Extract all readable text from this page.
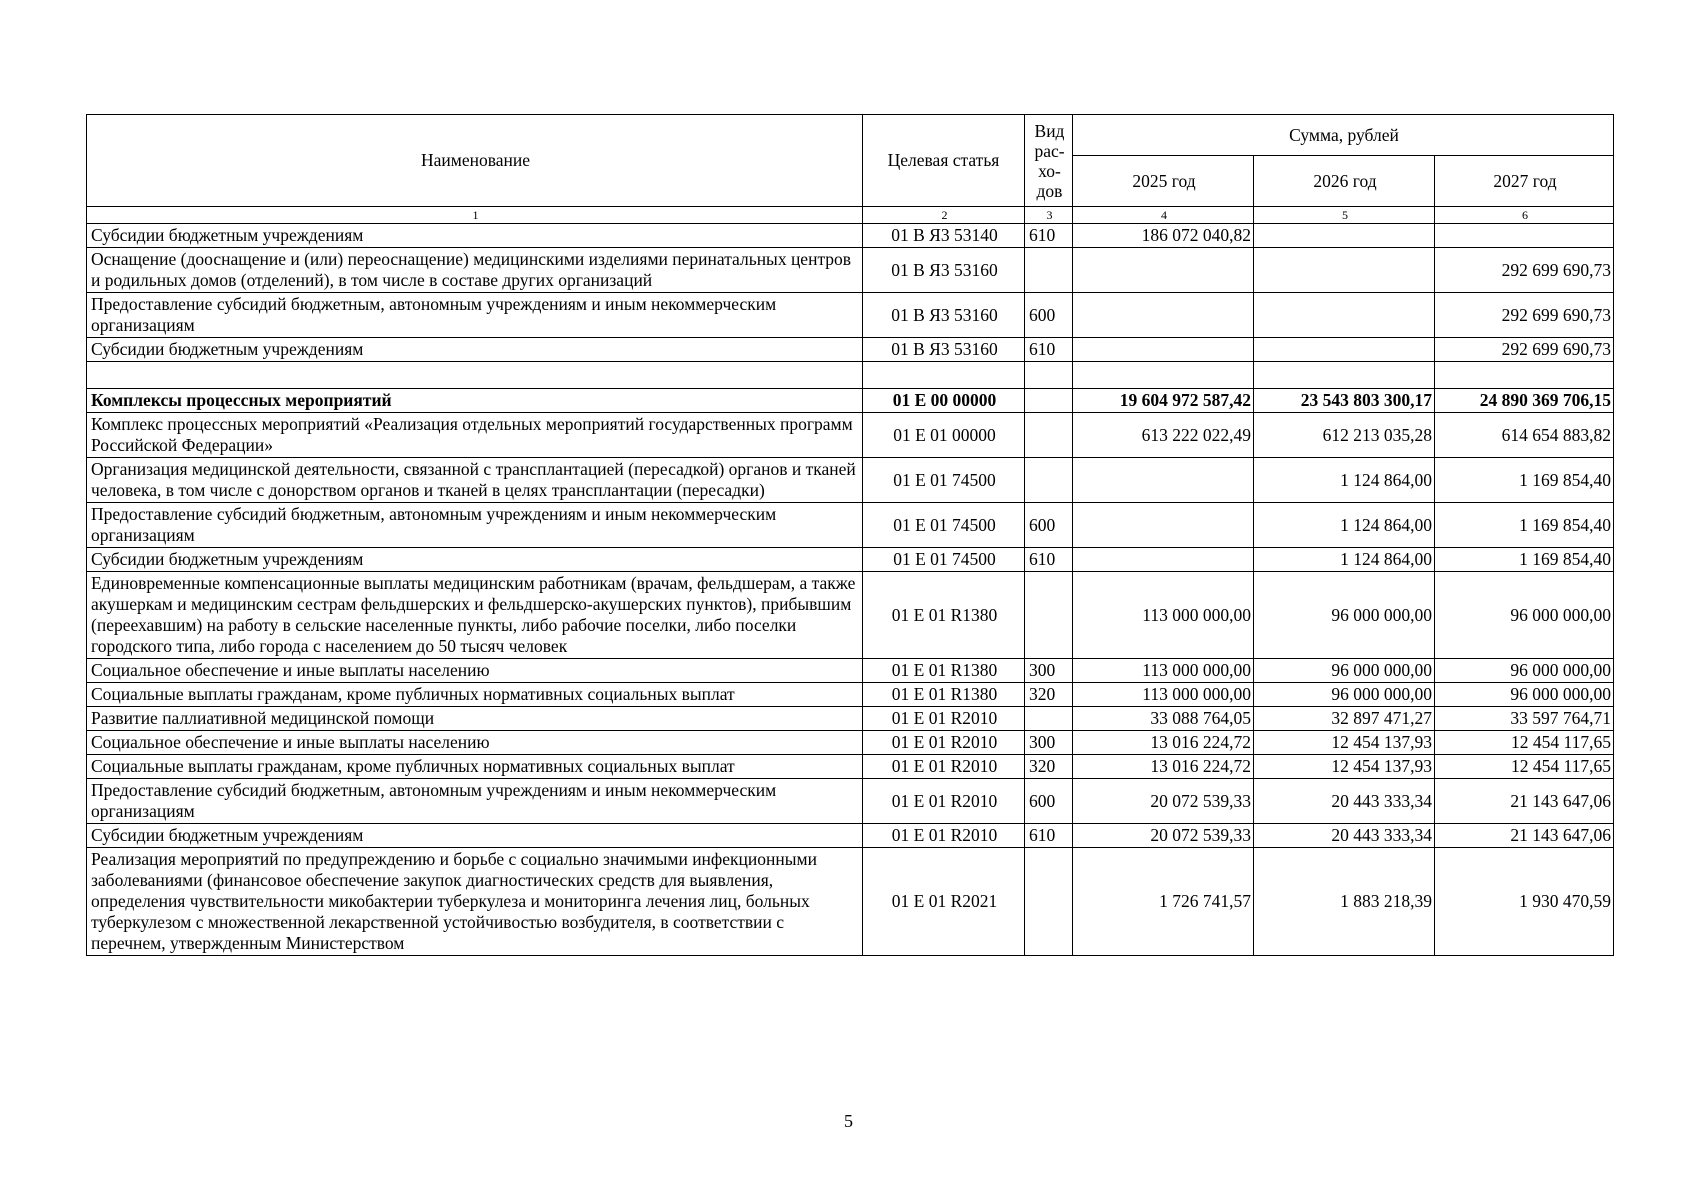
Наименование	Целевая статья	Вид
рас-
хо-
дов	Сумма, рублей		
			2025 год	2026 год	2027 год
1	2	3	4	5	6
Субсидии бюджетным учреждениям	01 В Я3 53140	610	186 072 040,82		
Оснащение (дооснащение и (или) переоснащение) медицинскими изделиями перинатальных центров и родильных домов (отделений), в том числе в составе других организаций	01 В Я3 53160				292 699 690,73
Предоставление субсидий бюджетным, автономным учреждениям и иным некоммерческим организациям	01 В Я3 53160	600			292 699 690,73
Субсидии бюджетным учреждениям	01 В Я3 53160	610			292 699 690,73

Комплексы процессных мероприятий	01 Е 00 00000		19 604 972 587,42	23 543 803 300,17	24 890 369 706,15
Комплекс процессных мероприятий «Реализация отдельных мероприятий государственных программ Российской Федерации»	01 Е 01 00000		613 222 022,49	612 213 035,28	614 654 883,82
Организация медицинской деятельности, связанной с трансплантацией (пересадкой) органов и тканей человека, в том числе с донорством органов и тканей в целях трансплантации (пересадки)	01 Е 01 74500			1 124 864,00	1 169 854,40
Предоставление субсидий бюджетным, автономным учреждениям и иным некоммерческим организациям	01 Е 01 74500	600		1 124 864,00	1 169 854,40
Субсидии бюджетным учреждениям	01 Е 01 74500	610		1 124 864,00	1 169 854,40
Единовременные компенсационные выплаты медицинским работникам (врачам, фельдшерам, а также акушеркам и медицинским сестрам фельдшерских и фельдшерско-акушерских пунктов), прибывшим (переехавшим) на работу в сельские населенные пункты, либо рабочие поселки, либо поселки городского типа, либо города с населением до 50 тысяч человек	01 Е 01 R1380		113 000 000,00	96 000 000,00	96 000 000,00
Социальное обеспечение и иные выплаты населению	01 Е 01 R1380	300	113 000 000,00	96 000 000,00	96 000 000,00
Социальные выплаты гражданам, кроме публичных нормативных социальных выплат	01 Е 01 R1380	320	113 000 000,00	96 000 000,00	96 000 000,00
Развитие паллиативной медицинской помощи	01 Е 01 R2010		33 088 764,05	32 897 471,27	33 597 764,71
Социальное обеспечение и иные выплаты населению	01 Е 01 R2010	300	13 016 224,72	12 454 137,93	12 454 117,65
Социальные выплаты гражданам, кроме публичных нормативных социальных выплат	01 Е 01 R2010	320	13 016 224,72	12 454 137,93	12 454 117,65
Предоставление субсидий бюджетным, автономным учреждениям и иным некоммерческим организациям	01 Е 01 R2010	600	20 072 539,33	20 443 333,34	21 143 647,06
Субсидии бюджетным учреждениям	01 Е 01 R2010	610	20 072 539,33	20 443 333,34	21 143 647,06
Реализация мероприятий по предупреждению и борьбе с социально значимыми инфекционными заболеваниями (финансовое обеспечение закупок диагностических средств для выявления, определения чувствительности микобактерии туберкулеза и мониторинга лечения лиц, больных туберкулезом с множественной лекарственной устойчивостью возбудителя, в соответствии с перечнем, утвержденным Министерством	01 Е 01 R2021		1 726 741,57	1 883 218,39	1 930 470,59
5
